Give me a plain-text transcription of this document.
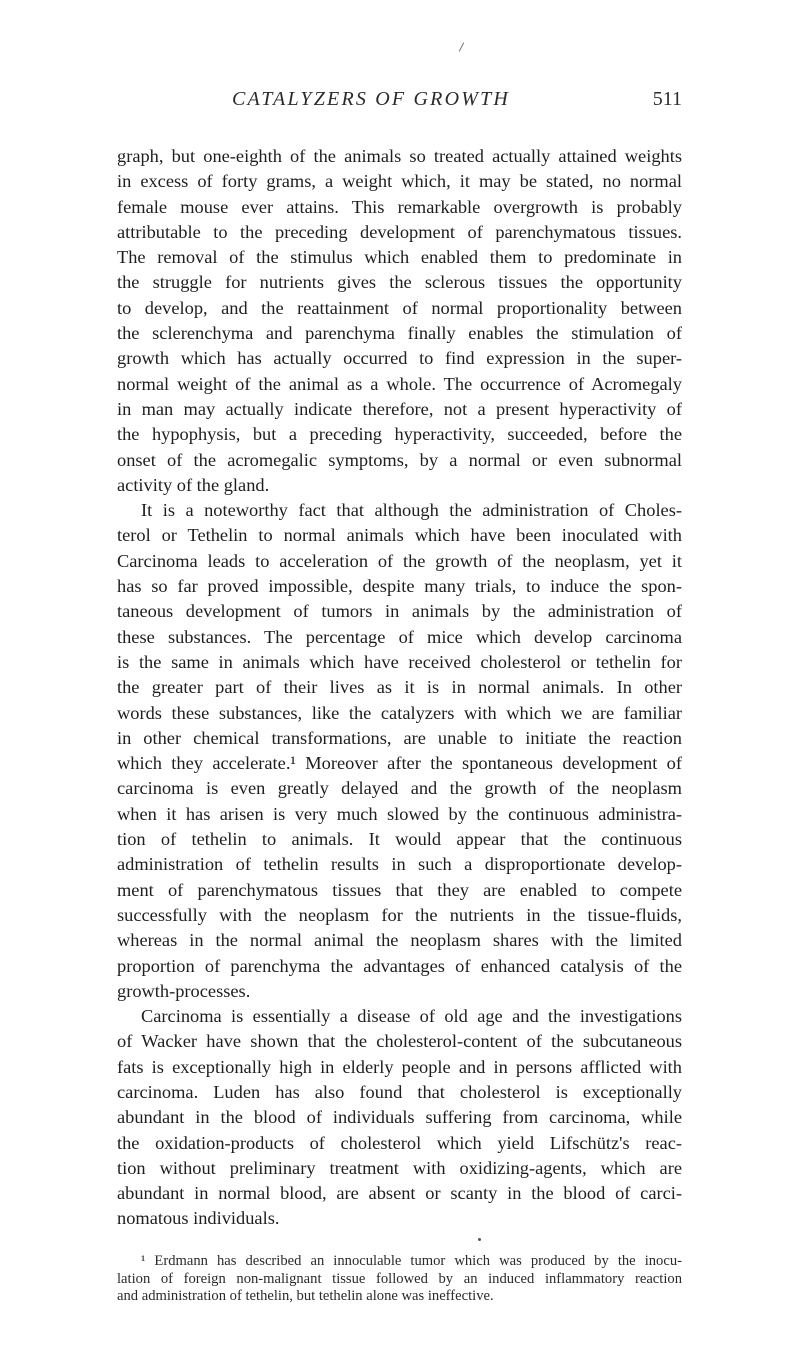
CATALYZERS OF GROWTH	511
graph, but one-eighth of the animals so treated actually attained weights
in excess of forty grams, a weight which, it may be stated, no normal
female mouse ever attains. This remarkable overgrowth is probably
attributable to the preceding development of parenchymatous tissues.
The removal of the stimulus which enabled them to predominate in
the struggle for nutrients gives the sclerous tissues the opportunity
to develop, and the reattainment of normal proportionality between
the sclerenchyma and parenchyma finally enables the stimulation of
growth which has actually occurred to find expression in the super-
normal weight of the animal as a whole. The occurrence of Acromegaly
in man may actually indicate therefore, not a present hyperactivity of
the hypophysis, but a preceding hyperactivity, succeeded, before the
onset of the acromegalic symptoms, by a normal or even subnormal
activity of the gland.
It is a noteworthy fact that although the administration of Choles-
terol or Tethelin to normal animals which have been inoculated with
Carcinoma leads to acceleration of the growth of the neoplasm, yet it
has so far proved impossible, despite many trials, to induce the spon-
taneous development of tumors in animals by the administration of
these substances. The percentage of mice which develop carcinoma
is the same in animals which have received cholesterol or tethelin for
the greater part of their lives as it is in normal animals. In other
words these substances, like the catalyzers with which we are familiar
in other chemical transformations, are unable to initiate the reaction
which they accelerate.¹ Moreover after the spontaneous development of
carcinoma is even greatly delayed and the growth of the neoplasm
when it has arisen is very much slowed by the continuous administra-
tion of tethelin to animals. It would appear that the continuous
administration of tethelin results in such a disproportionate develop-
ment of parenchymatous tissues that they are enabled to compete
successfully with the neoplasm for the nutrients in the tissue-fluids,
whereas in the normal animal the neoplasm shares with the limited
proportion of parenchyma the advantages of enhanced catalysis of the
growth-processes.
Carcinoma is essentially a disease of old age and the investigations
of Wacker have shown that the cholesterol-content of the subcutaneous
fats is exceptionally high in elderly people and in persons afflicted with
carcinoma. Luden has also found that cholesterol is exceptionally
abundant in the blood of individuals suffering from carcinoma, while
the oxidation-products of cholesterol which yield Lifschütz's reac-
tion without preliminary treatment with oxidizing-agents, which are
abundant in normal blood, are absent or scanty in the blood of carci-
nomatous individuals.
¹ Erdmann has described an innoculable tumor which was produced by the inocu-
lation of foreign non-malignant tissue followed by an induced inflammatory reaction
and administration of tethelin, but tethelin alone was ineffective.
